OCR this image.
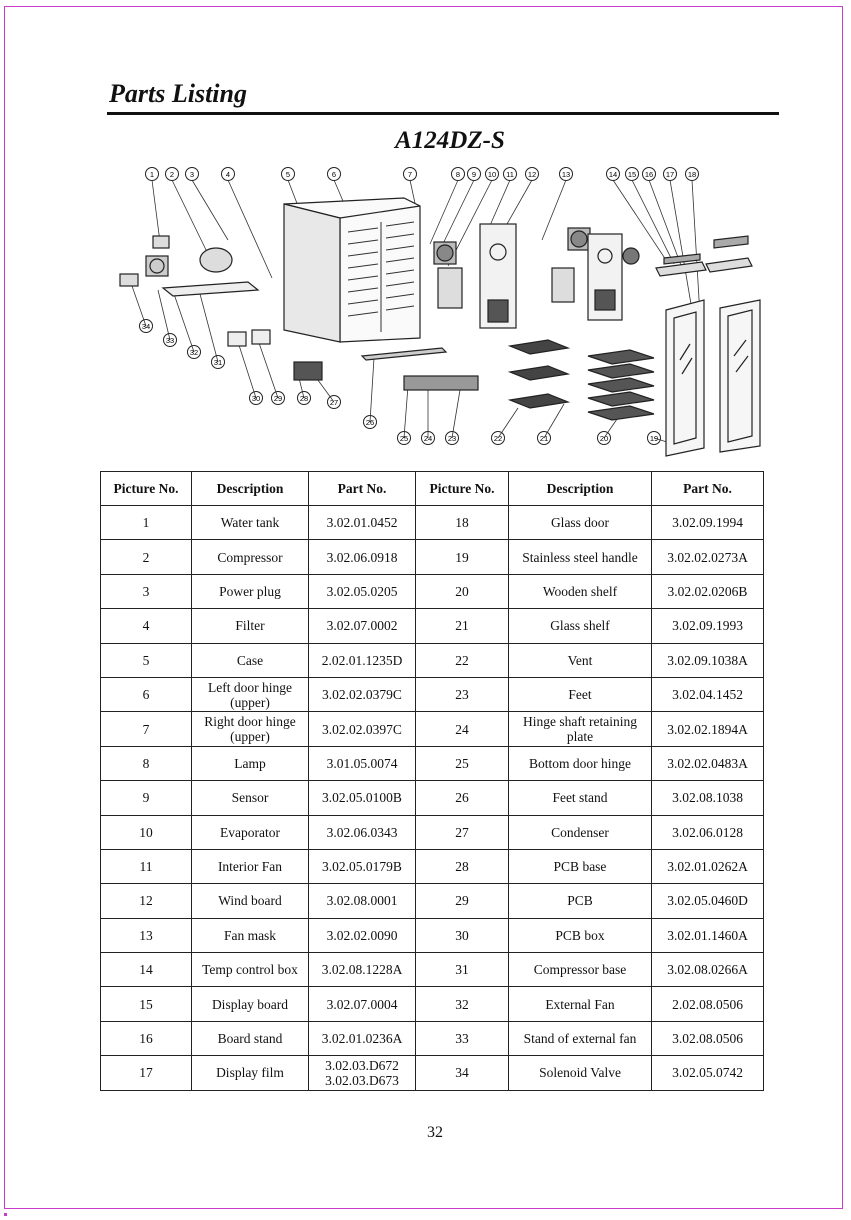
Parts Listing
A124DZ-S
1 2 3	4	5	6	7	8 9 10 11 12	13	14 15 16 17 18
34
33
32
31
30 29 28	27
26
25 24 23	22	21	20	19
Picture No.	Description	Part No.	Picture No.	Description	Part No.
1	Water tank	3.02.01.0452	18	Glass door	3.02.09.1994
2	Compressor	3.02.06.0918	19	Stainless steel handle	3.02.02.0273A
3	Power plug	3.02.05.0205	20	Wooden shelf	3.02.02.0206B
4	Filter	3.02.07.0002	21	Glass shelf	3.02.09.1993
5	Case	2.02.01.1235D	22	Vent	3.02.09.1038A
6	Left door hinge (upper)	3.02.02.0379C	23	Feet	3.02.04.1452
7	Right door hinge (upper)	3.02.02.0397C	24	Hinge shaft retaining plate	3.02.02.1894A
8	Lamp	3.01.05.0074	25	Bottom door hinge	3.02.02.0483A
9	Sensor	3.02.05.0100B	26	Feet stand	3.02.08.1038
10	Evaporator	3.02.06.0343	27	Condenser	3.02.06.0128
11	Interior Fan	3.02.05.0179B	28	PCB base	3.02.01.0262A
12	Wind board	3.02.08.0001	29	PCB	3.02.05.0460D
13	Fan mask	3.02.02.0090	30	PCB box	3.02.01.1460A
14	Temp control box	3.02.08.1228A	31	Compressor base	3.02.08.0266A
15	Display board	3.02.07.0004	32	External Fan	2.02.08.0506
16	Board stand	3.02.01.0236A	33	Stand of external fan	3.02.08.0506
17	Display film	3.02.03.D672 3.02.03.D673	34	Solenoid Valve	3.02.05.0742
32
